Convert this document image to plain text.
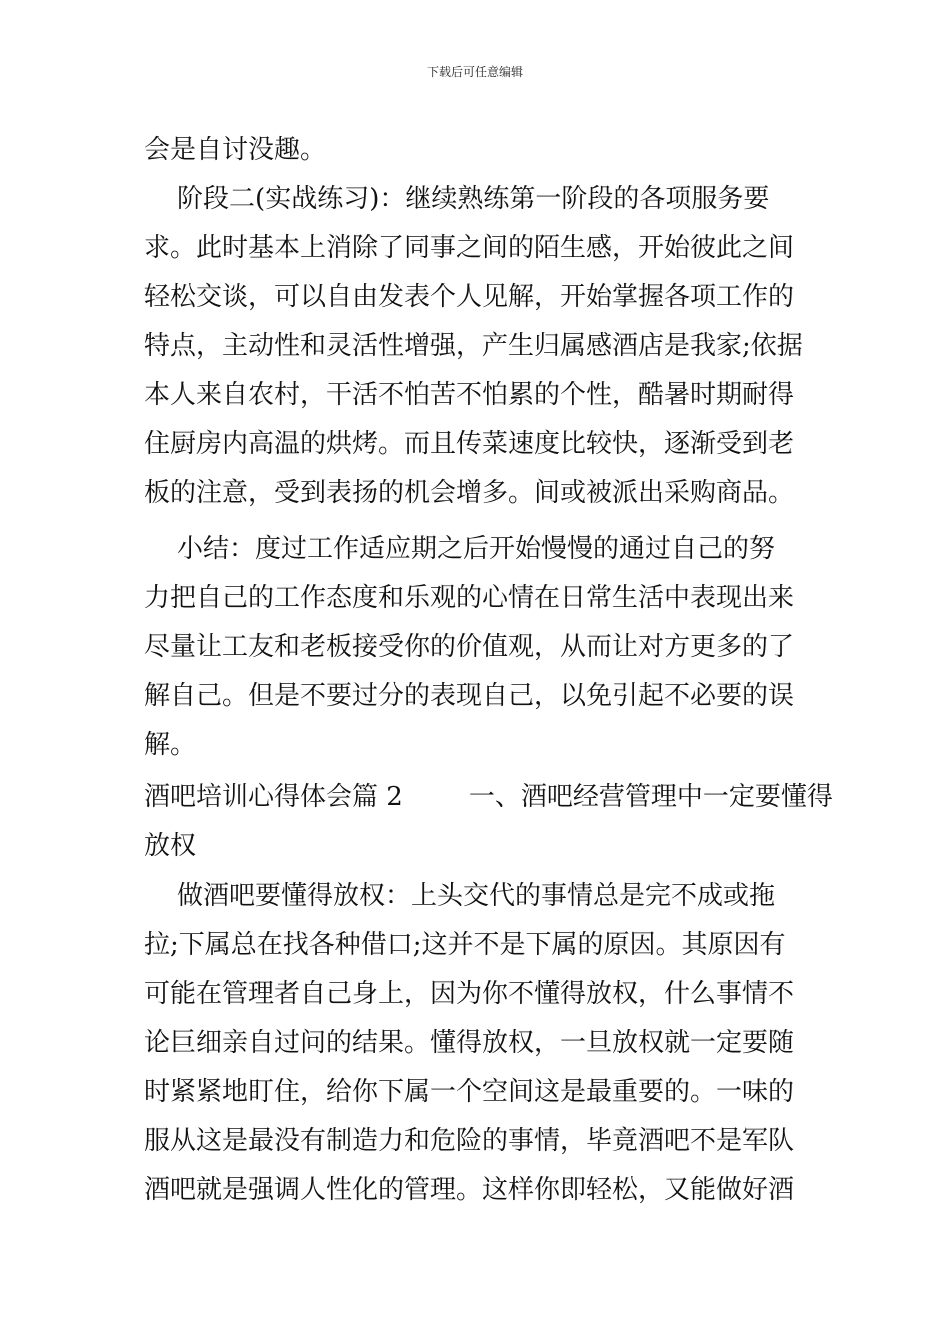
下载后可任意编辑
会是自讨没趣。
阶段二(实战练习)：继续熟练第一阶段的各项服务要
求。此时基本上消除了同事之间的陌生感，开始彼此之间
轻松交谈，可以自由发表个人见解，开始掌握各项工作的
特点，主动性和灵活性增强，产生归属感酒店是我家;依据
本人来自农村，干活不怕苦不怕累的个性，酷暑时期耐得
住厨房内高温的烘烤。而且传菜速度比较快，逐渐受到老
板的注意，受到表扬的机会增多。间或被派出采购商品。
小结：度过工作适应期之后开始慢慢的通过自己的努
力把自己的工作态度和乐观的心情在日常生活中表现出来
尽量让工友和老板接受你的价值观，从而让对方更多的了
解自己。但是不要过分的表现自己，以免引起不必要的误
解。
酒吧培训心得体会篇 2        一、酒吧经营管理中一定要懂得
放权
做酒吧要懂得放权：上头交代的事情总是完不成或拖
拉;下属总在找各种借口;这并不是下属的原因。其原因有
可能在管理者自己身上，因为你不懂得放权，什么事情不
论巨细亲自过问的结果。懂得放权，一旦放权就一定要随
时紧紧地盯住，给你下属一个空间这是最重要的。一味的
服从这是最没有制造力和危险的事情，毕竟酒吧不是军队
酒吧就是强调人性化的管理。这样你即轻松，又能做好酒
